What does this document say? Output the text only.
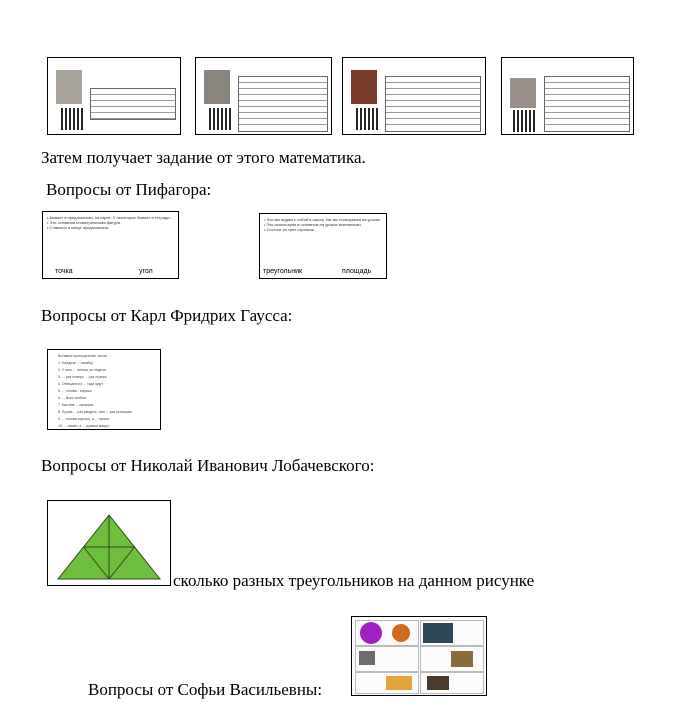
Затем получает задание от этого математика.
Вопросы от Пифагора:
• Бывает в предложении, на карте. У некоторых бывает в тетради...
• Это основная геометрическая фигура.
• Ставится в конце предложения.
точка	угол
• Это мы видим с собой в школу. Им мы пользуемся на уроках.
• Это используем в основном на уроках математики.
• Состоит из трех отрезков.
треугольник	площадь
Вопросы от Карл Фридрих Гаусса:
Вставьте пропущенные числа:
1. Найдите ... ошибку.
2. У него ... пятниц на неделе.
3. ... раз отмерь ... раз отрежь.
4. Обещанного ... года ждут.
5. ... голова - хорошо
6. ... Всех хлебов
7. Как мне ... пальцев.
8. Лучше ... раз увидеть, чем ... раз услышать
9. ... голова хорошо, а ... лучше.
10. ... пашет, а ... руками машут.
Вопросы от Николай Иванович Лобачевского:
сколько разных треугольников на данном рисунке
Вопросы от Софьи Васильевны:
